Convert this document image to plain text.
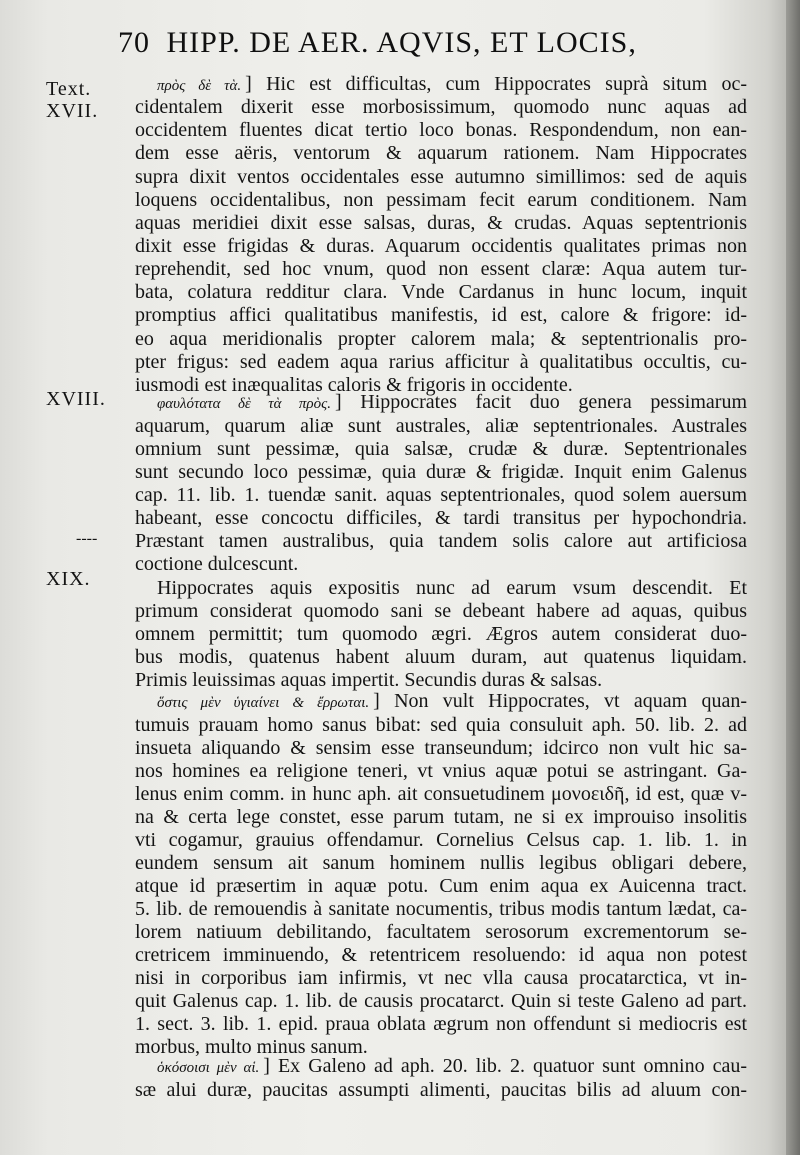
70 HIPP. DE AER. AQVIS, ET LOCIS,
Text.
XVII.
XVIII.
----
XIX.
πρὸς δὲ τὰ. ] Hic est difficultas, cum Hippocrates suprà situm oc-
cidentalem dixerit esse morbosissimum, quomodo nunc aquas ad
occidentem fluentes dicat tertio loco bonas. Respondendum, non ean-
dem esse aëris, ventorum & aquarum rationem. Nam Hippocrates
supra dixit ventos occidentales esse autumno simillimos: sed de aquis
loquens occidentalibus, non pessimam fecit earum conditionem. Nam
aquas meridiei dixit esse salsas, duras, & crudas. Aquas septentrionis
dixit esse frigidas & duras. Aquarum occidentis qualitates primas non
reprehendit, sed hoc vnum, quod non essent claræ: Aqua autem tur-
bata, colatura redditur clara. Vnde Cardanus in hunc locum, inquit
promptius affici qualitatibus manifestis, id est, calore & frigore: id-
eo aqua meridionalis propter calorem mala; & septentrionalis pro-
pter frigus: sed eadem aqua rarius afficitur à qualitatibus occultis, cu-
iusmodi est inæqualitas caloris & frigoris in occidente.
φαυλότατα δὲ τὰ πρὸς. ] Hippocrates facit duo genera pessimarum
aquarum, quarum aliæ sunt australes, aliæ septentrionales. Australes
omnium sunt pessimæ, quia salsæ, crudæ & duræ. Septentrionales
sunt secundo loco pessimæ, quia duræ & frigidæ. Inquit enim Galenus
cap. 11. lib. 1. tuendæ sanit. aquas septentrionales, quod solem auersum
habeant, esse concoctu difficiles, & tardi transitus per hypochondria.
Præstant tamen australibus, quia tandem solis calore aut artificiosa
coctione dulcescunt.
Hippocrates aquis expositis nunc ad earum vsum descendit. Et
primum considerat quomodo sani se debeant habere ad aquas, quibus
omnem permittit; tum quomodo ægri. Ægros autem considerat duo-
bus modis, quatenus habent aluum duram, aut quatenus liquidam.
Primis leuissimas aquas impertit. Secundis duras & salsas.
ὅστις μὲν ὑγιαίνει & ἔρρωται. ] Non vult Hippocrates, vt aquam quan-
tumuis prauam homo sanus bibat: sed quia consuluit aph. 50. lib. 2. ad
insueta aliquando & sensim esse transeundum; idcirco non vult hic sa-
nos homines ea religione teneri, vt vnius aquæ potui se astringant. Ga-
lenus enim comm. in hunc aph. ait consuetudinem μονοειδῆ, id est, quæ v-
na & certa lege constet, esse parum tutam, ne si ex improuiso insolitis
vti cogamur, grauius offendamur. Cornelius Celsus cap. 1. lib. 1. in
eundem sensum ait sanum hominem nullis legibus obligari debere,
atque id præsertim in aquæ potu. Cum enim aqua ex Auicenna tract.
5. lib. de remouendis à sanitate nocumentis, tribus modis tantum lædat, ca-
lorem natiuum debilitando, facultatem serosorum excrementorum se-
cretricem imminuendo, & retentricem resoluendo: id aqua non potest
nisi in corporibus iam infirmis, vt nec vlla causa procatarctica, vt in-
quit Galenus cap. 1. lib. de causis procatarct. Quin si teste Galeno ad part.
1. sect. 3. lib. 1. epid. praua oblata ægrum non offendunt si mediocris est
morbus, multo minus sanum.
ὁκόσοισι μὲν αἱ. ] Ex Galeno ad aph. 20. lib. 2. quatuor sunt omnino cau-
sæ alui duræ, paucitas assumpti alimenti, paucitas bilis ad aluum con-
